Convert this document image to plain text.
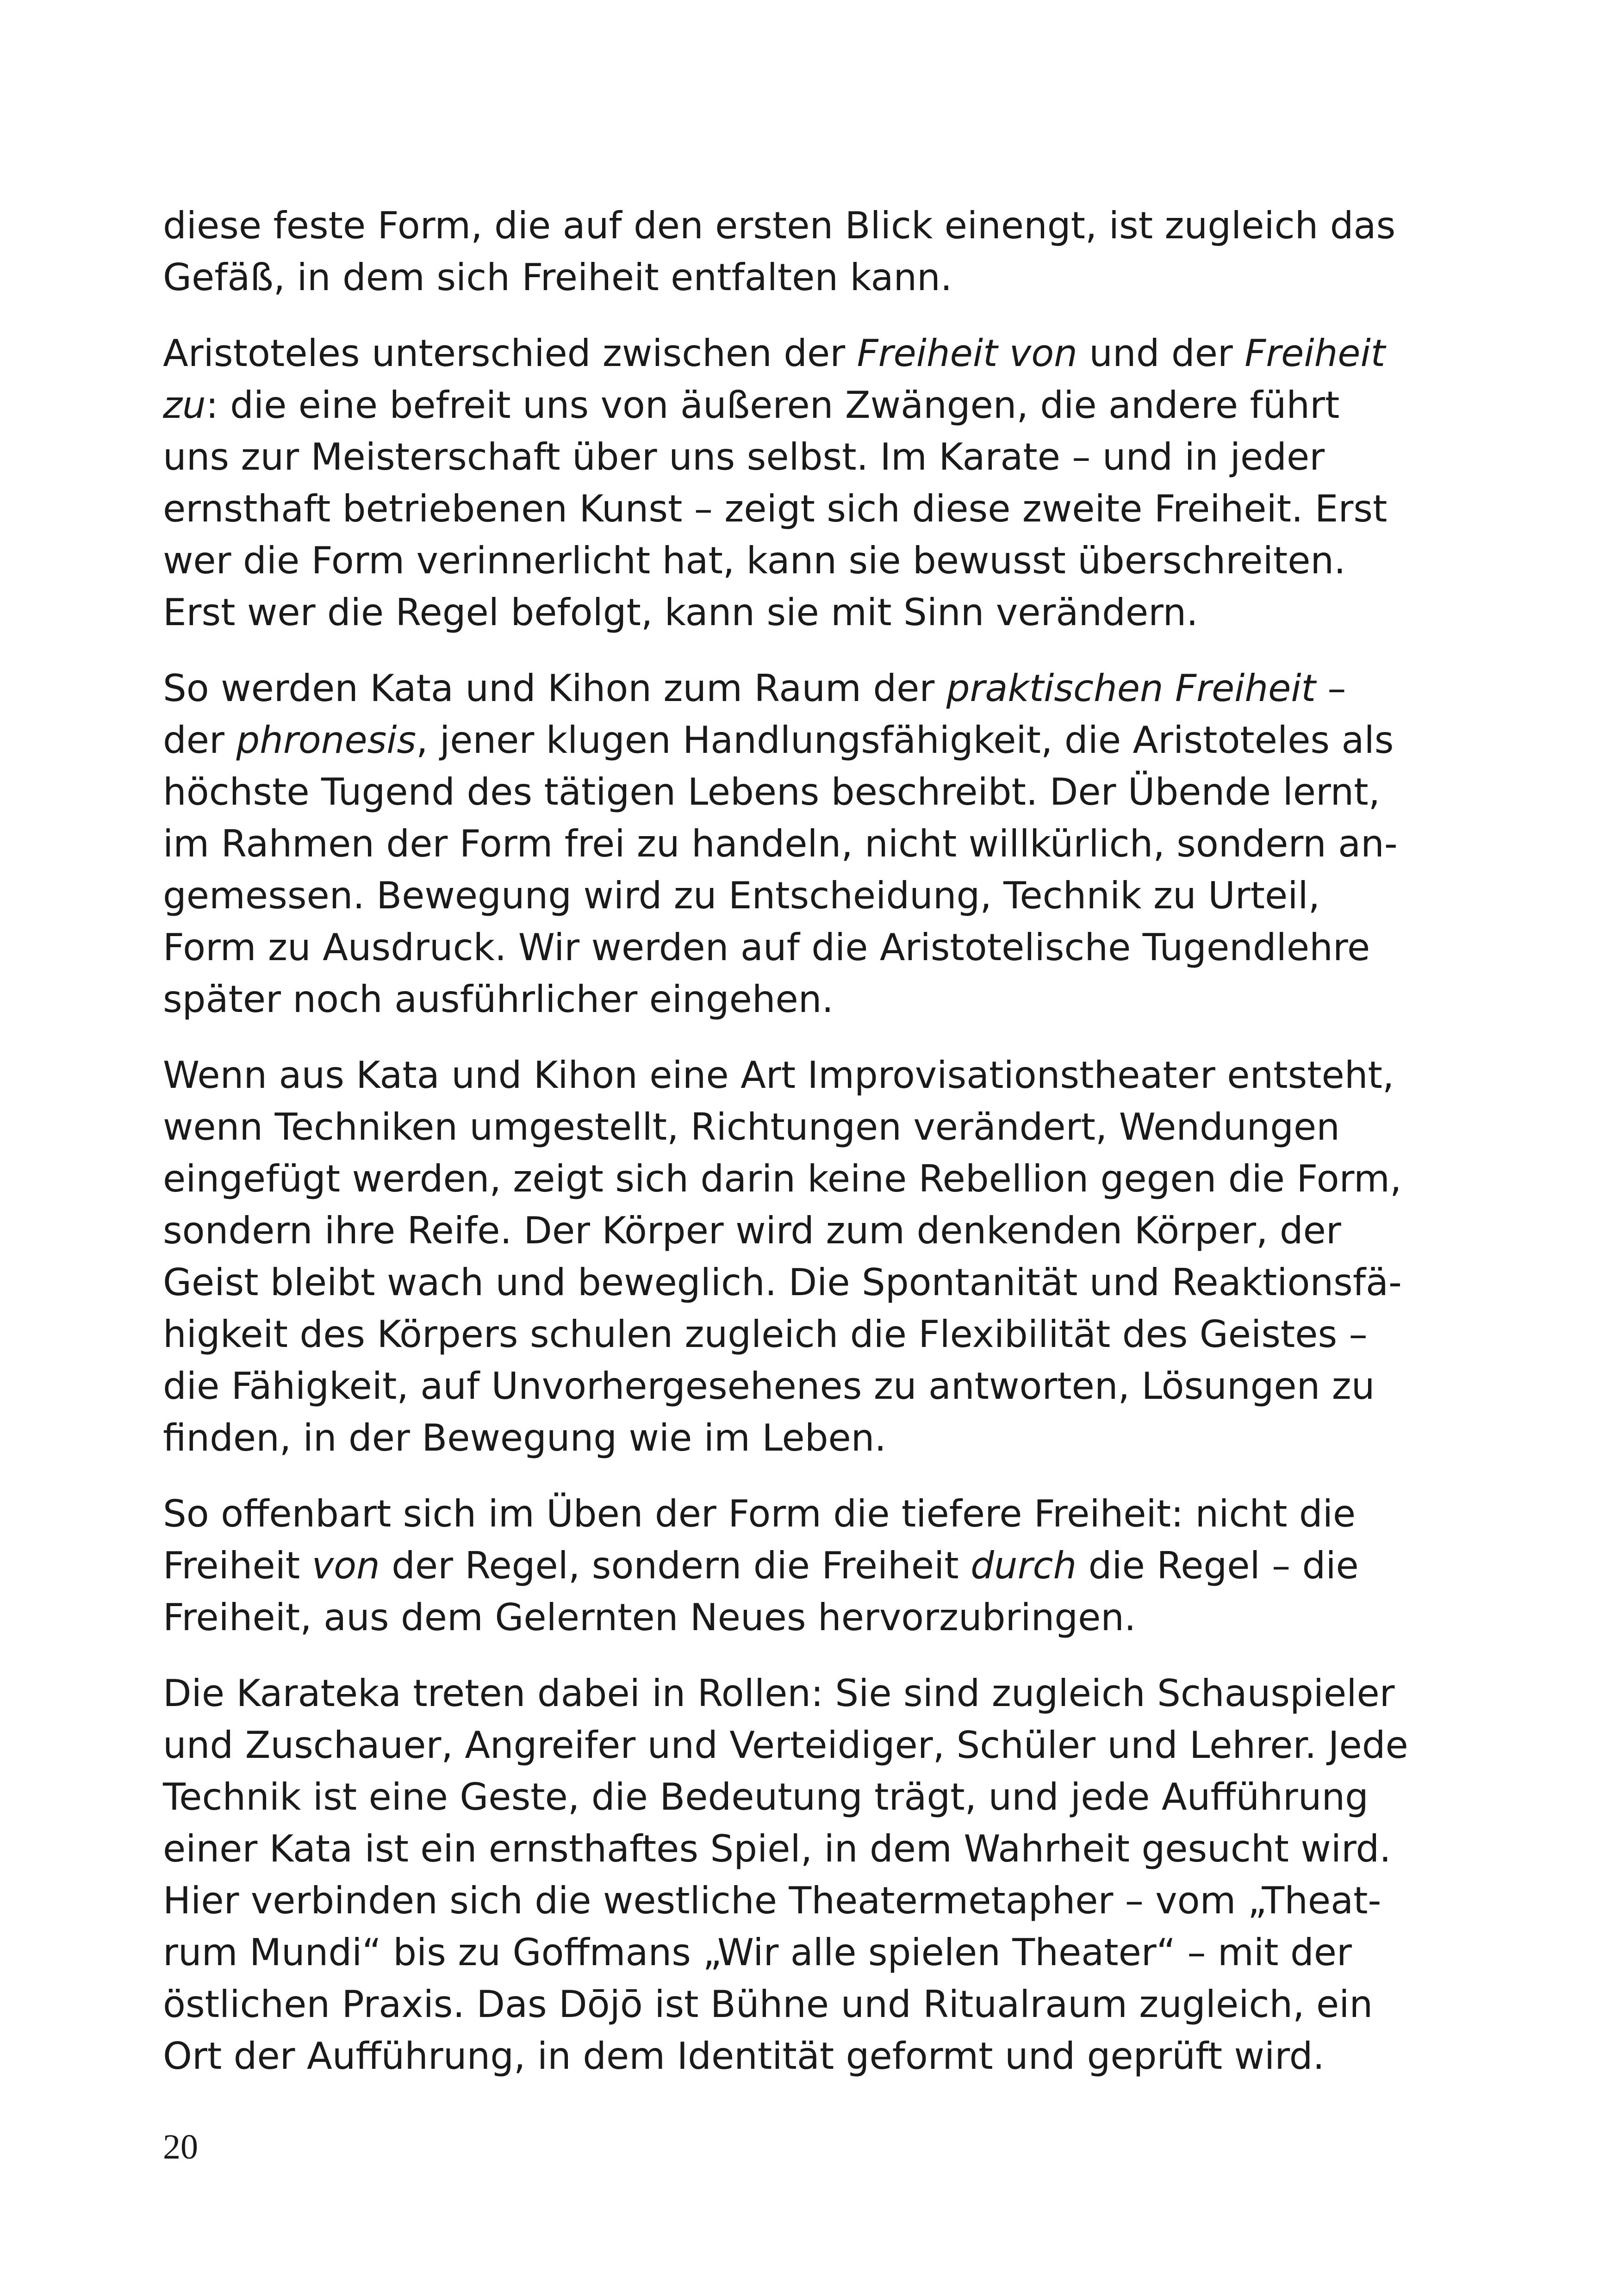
diese feste Form, die auf den ersten Blick einengt, ist zugleich das
Gefäß, in dem sich Freiheit entfalten kann.

Aristoteles unterschied zwischen der Freiheit von und der Freiheit
zu: die eine befreit uns von äußeren Zwängen, die andere führt
uns zur Meisterschaft über uns selbst. Im Karate – und in jeder
ernsthaft betriebenen Kunst – zeigt sich diese zweite Freiheit. Erst
wer die Form verinnerlicht hat, kann sie bewusst überschreiten.
Erst wer die Regel befolgt, kann sie mit Sinn verändern.

So werden Kata und Kihon zum Raum der praktischen Freiheit –
der phronesis, jener klugen Handlungsfähigkeit, die Aristoteles als
höchste Tugend des tätigen Lebens beschreibt. Der Übende lernt,
im Rahmen der Form frei zu handeln, nicht willkürlich, sondern an-
gemessen. Bewegung wird zu Entscheidung, Technik zu Urteil,
Form zu Ausdruck. Wir werden auf die Aristotelische Tugendlehre
später noch ausführlicher eingehen.

Wenn aus Kata und Kihon eine Art Improvisationstheater entsteht,
wenn Techniken umgestellt, Richtungen verändert, Wendungen
eingefügt werden, zeigt sich darin keine Rebellion gegen die Form,
sondern ihre Reife. Der Körper wird zum denkenden Körper, der
Geist bleibt wach und beweglich. Die Spontanität und Reaktionsfä-
higkeit des Körpers schulen zugleich die Flexibilität des Geistes –
die Fähigkeit, auf Unvorhergesehenes zu antworten, Lösungen zu
finden, in der Bewegung wie im Leben.

So offenbart sich im Üben der Form die tiefere Freiheit: nicht die
Freiheit von der Regel, sondern die Freiheit durch die Regel – die
Freiheit, aus dem Gelernten Neues hervorzubringen.

Die Karateka treten dabei in Rollen: Sie sind zugleich Schauspieler
und Zuschauer, Angreifer und Verteidiger, Schüler und Lehrer. Jede
Technik ist eine Geste, die Bedeutung trägt, und jede Aufführung
einer Kata ist ein ernsthaftes Spiel, in dem Wahrheit gesucht wird.
Hier verbinden sich die westliche Theatermetapher – vom „Theat-
rum Mundi“ bis zu Goffmans „Wir alle spielen Theater“ – mit der
östlichen Praxis. Das Dōjō ist Bühne und Ritualraum zugleich, ein
Ort der Aufführung, in dem Identität geformt und geprüft wird.

20
